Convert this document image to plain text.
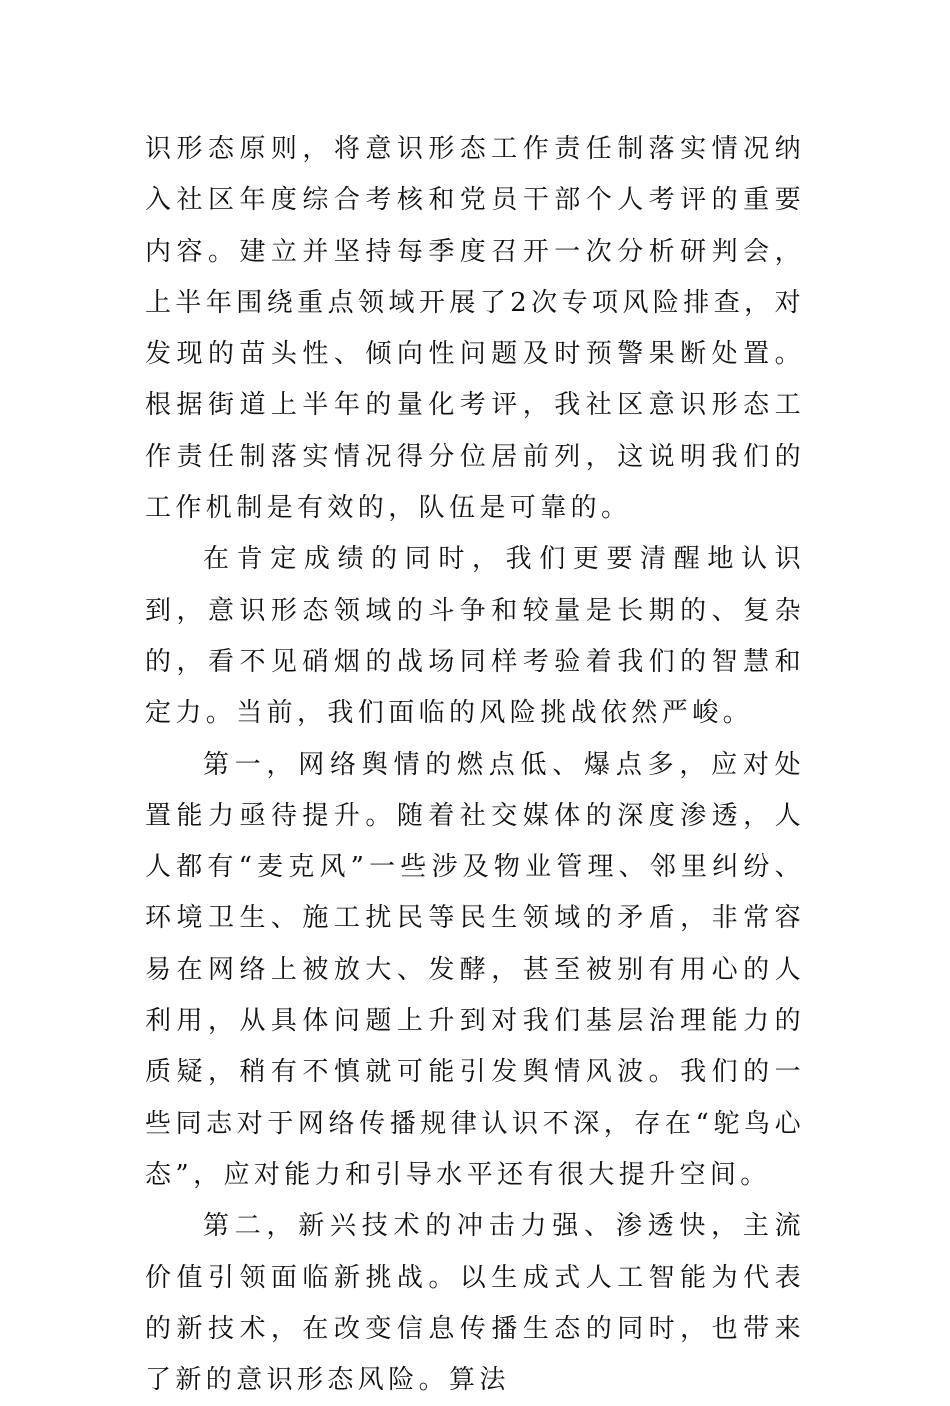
识形态原则，将意识形态工作责任制落实情况纳入社区年度综合考核和党员干部个人考评的重要内容。建立并坚持每季度召开一次分析研判会，上半年围绕重点领域开展了2次专项风险排查，对发现的苗头性、倾向性问题及时预警果断处置。根据街道上半年的量化考评，我社区意识形态工作责任制落实情况得分位居前列，这说明我们的工作机制是有效的，队伍是可靠的。

在肯定成绩的同时，我们更要清醒地认识到，意识形态领域的斗争和较量是长期的、复杂的，看不见硝烟的战场同样考验着我们的智慧和定力。当前，我们面临的风险挑战依然严峻。

第一，网络舆情的燃点低、爆点多，应对处置能力亟待提升。随着社交媒体的深度渗透，人人都有“麦克风”一些涉及物业管理、邻里纠纷、环境卫生、施工扰民等民生领域的矛盾，非常容易在网络上被放大、发酵，甚至被别有用心的人利用，从具体问题上升到对我们基层治理能力的质疑，稍有不慎就可能引发舆情风波。我们的一些同志对于网络传播规律认识不深，存在“鸵鸟心态”，应对能力和引导水平还有很大提升空间。

第二，新兴技术的冲击力强、渗透快，主流价值引领面临新挑战。以生成式人工智能为代表的新技术，在改变信息传播生态的同时，也带来了新的意识形态风险。算法
